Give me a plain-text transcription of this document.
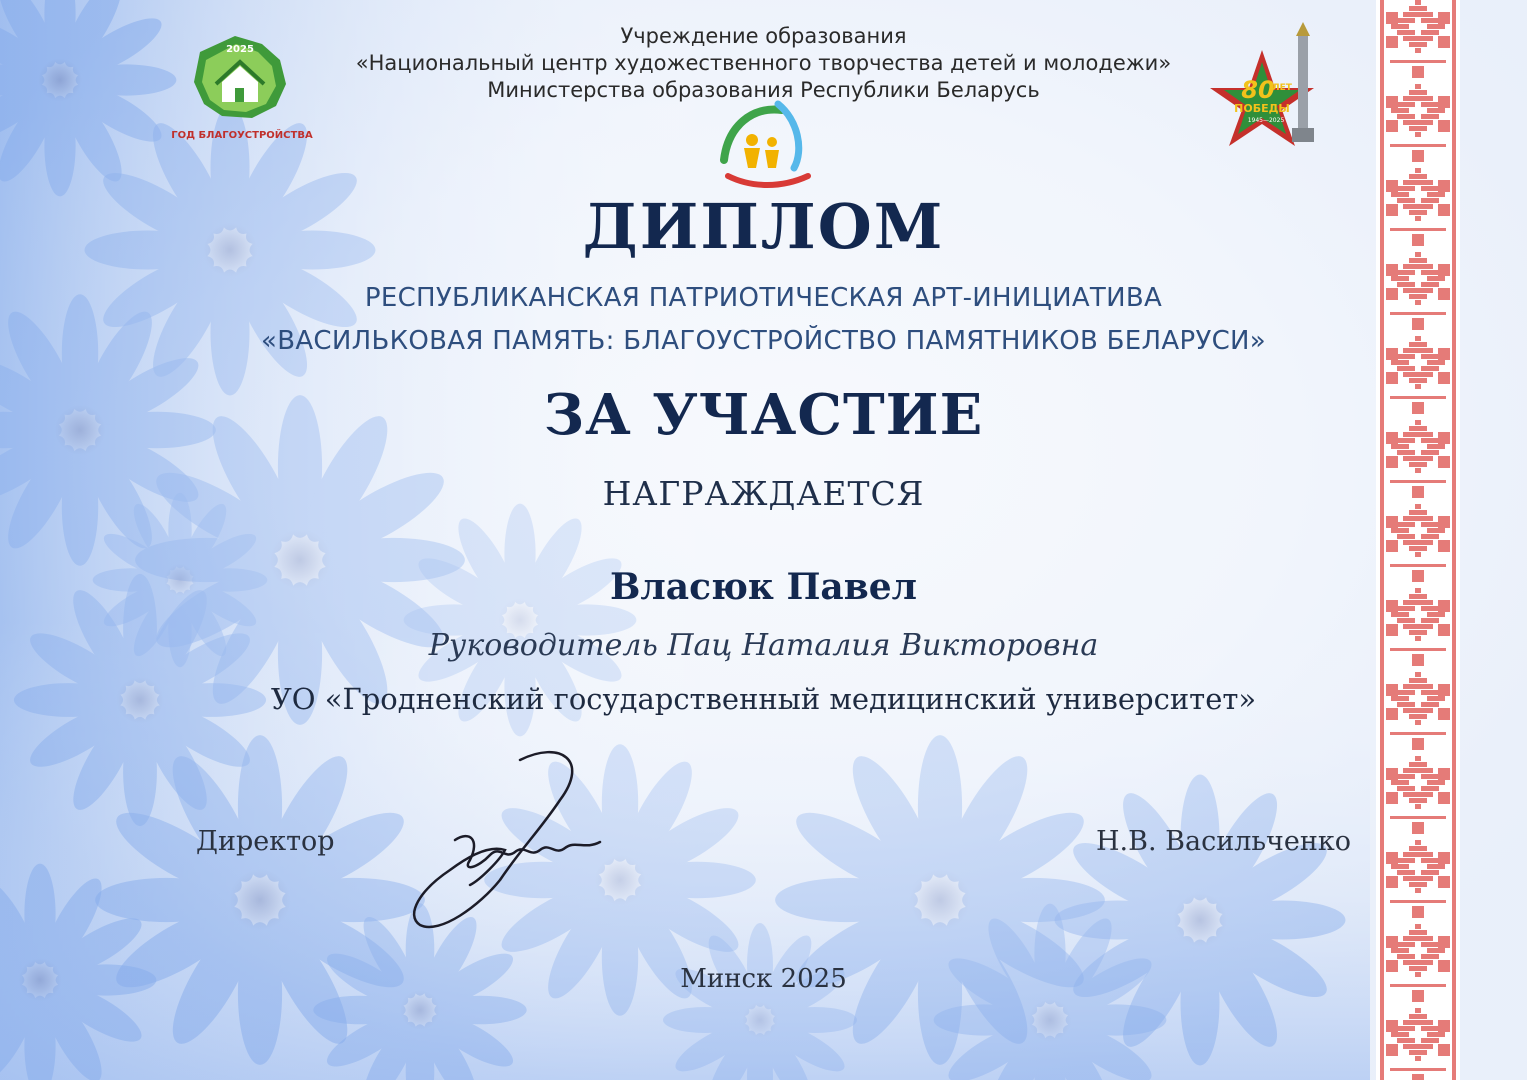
2025
ГОД БЛАГОУСТРОЙСТВА
80
ЛЕТ
ПОБЕДЫ
1945—2025

Учреждение образования

«Национальный центр художественного творчества детей и молодежи»

Министерства образования Республики Беларусь

ДИПЛОМ

РЕСПУБЛИКАНСКАЯ ПАТРИОТИЧЕСКАЯ АРТ-ИНИЦИАТИВА

«ВАСИЛЬКОВАЯ ПАМЯТЬ: БЛАГОУСТРОЙСТВО ПАМЯТНИКОВ БЕЛАРУСИ»

ЗА УЧАСТИЕ

НАГРАЖДАЕТСЯ

Власюк Павел

Руководитель Пац Наталия Викторовна

УО «Гродненский государственный медицинский университет»

Директор	Н.В. Васильченко

Минск 2025
